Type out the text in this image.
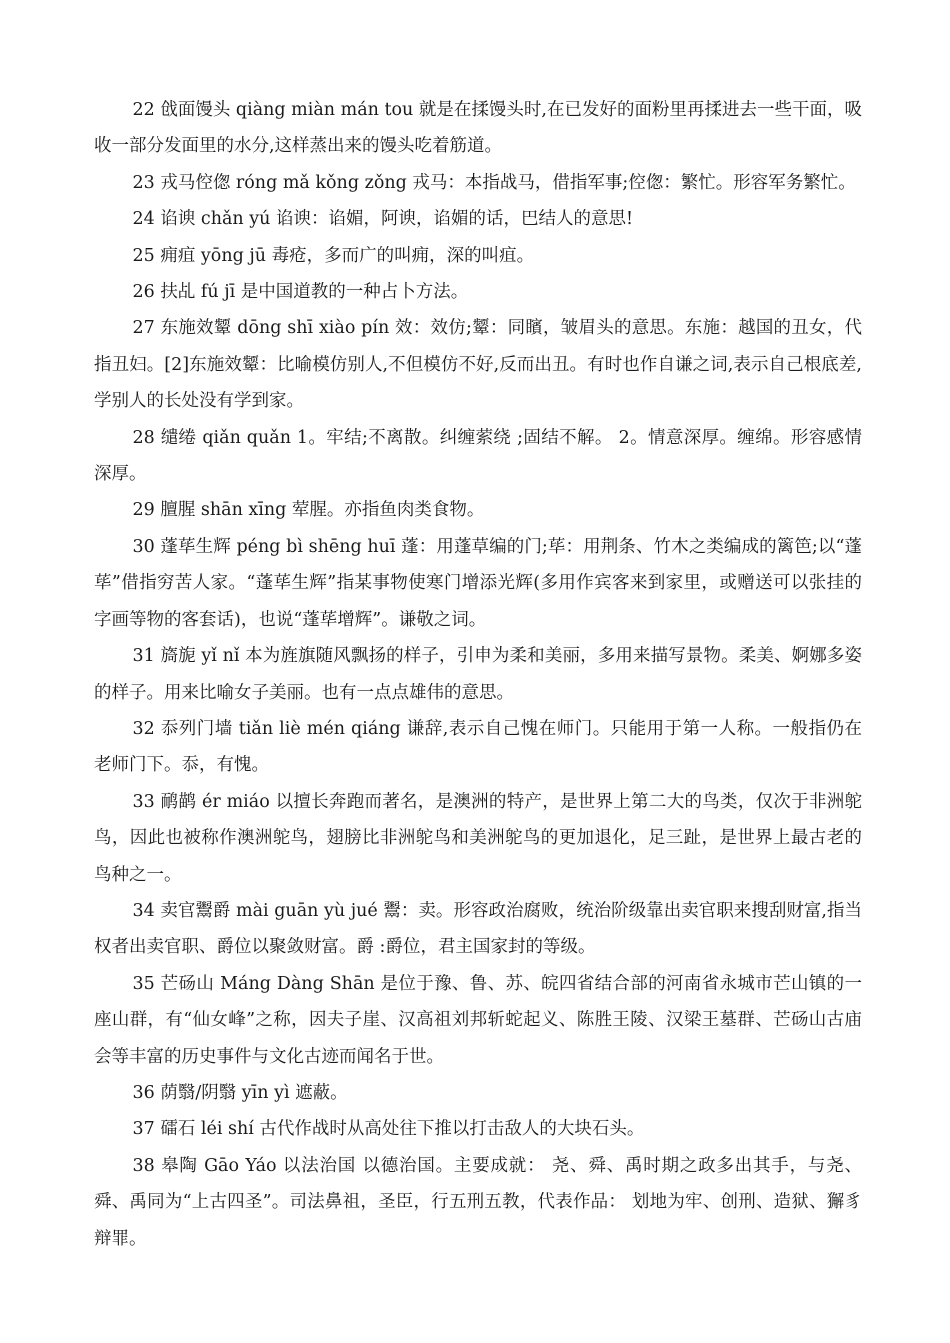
22 戗面馒头 qiàng miàn mán tou 就是在揉馒头时,在已发好的面粉里再揉进去一些干面，吸收一部分发面里的水分,这样蒸出来的馒头吃着筋道。

23 戎马倥偬 róng mǎ kǒng zǒng 戎马：本指战马，借指军事;倥偬：繁忙。形容军务繁忙。

24 谄谀 chǎn yú 谄谀：谄媚，阿谀，谄媚的话，巴结人的意思!

25 痈疽 yōng jū 毒疮，多而广的叫痈，深的叫疽。

26 扶乩 fú jī 是中国道教的一种占卜方法。

27 东施效颦 dōng shī xiào pín 效：效仿;颦：同矉，皱眉头的意思。东施：越国的丑女，代指丑妇。[2]东施效颦：比喻模仿别人,不但模仿不好,反而出丑。有时也作自谦之词,表示自己根底差,学别人的长处没有学到家。

28 缱绻 qiǎn quǎn 1。牢结;不离散。纠缠萦绕 ;固结不解。 2。情意深厚。缠绵。形容感情深厚。

29 膻腥 shān xīng 荤腥。亦指鱼肉类食物。

30 蓬荜生辉 péng bì shēng huī 蓬：用蓬草编的门;荜：用荆条、竹木之类编成的篱笆;以“蓬荜”借指穷苦人家。“蓬荜生辉”指某事物使寒门增添光辉(多用作宾客来到家里，或赠送可以张挂的字画等物的客套话)，也说“蓬荜增辉”。谦敬之词。

31 旖旎 yǐ nǐ 本为旌旗随风飘扬的样子，引申为柔和美丽，多用来描写景物。柔美、婀娜多姿的样子。用来比喻女子美丽。也有一点点雄伟的意思。

32 忝列门墙 tiǎn liè mén qiáng 谦辞,表示自己愧在师门。只能用于第一人称。一般指仍在老师门下。忝，有愧。

33 鸸鹋 ér miáo 以擅长奔跑而著名，是澳洲的特产，是世界上第二大的鸟类，仅次于非洲鸵鸟，因此也被称作澳洲鸵鸟，翅膀比非洲鸵鸟和美洲鸵鸟的更加退化，足三趾，是世界上最古老的鸟种之一。

34 卖官鬻爵 mài guān yù jué 鬻：卖。形容政治腐败，统治阶级靠出卖官职来搜刮财富,指当权者出卖官职、爵位以聚敛财富。爵 :爵位，君主国家封的等级。

35 芒砀山 Máng Dàng Shān 是位于豫、鲁、苏、皖四省结合部的河南省永城市芒山镇的一座山群，有“仙女峰”之称，因夫子崖、汉高祖刘邦斩蛇起义、陈胜王陵、汉梁王墓群、芒砀山古庙会等丰富的历史事件与文化古迹而闻名于世。

36 荫翳/阴翳 yīn yì 遮蔽。

37 礌石 léi shí 古代作战时从高处往下推以打击敌人的大块石头。

38 皋陶 Gāo Yáo 以法治国 以德治国。主要成就： 尧、舜、禹时期之政多出其手，与尧、舜、禹同为“上古四圣”。司法鼻祖，圣臣，行五刑五教，代表作品： 划地为牢、创刑、造狱、獬豸辩罪。
